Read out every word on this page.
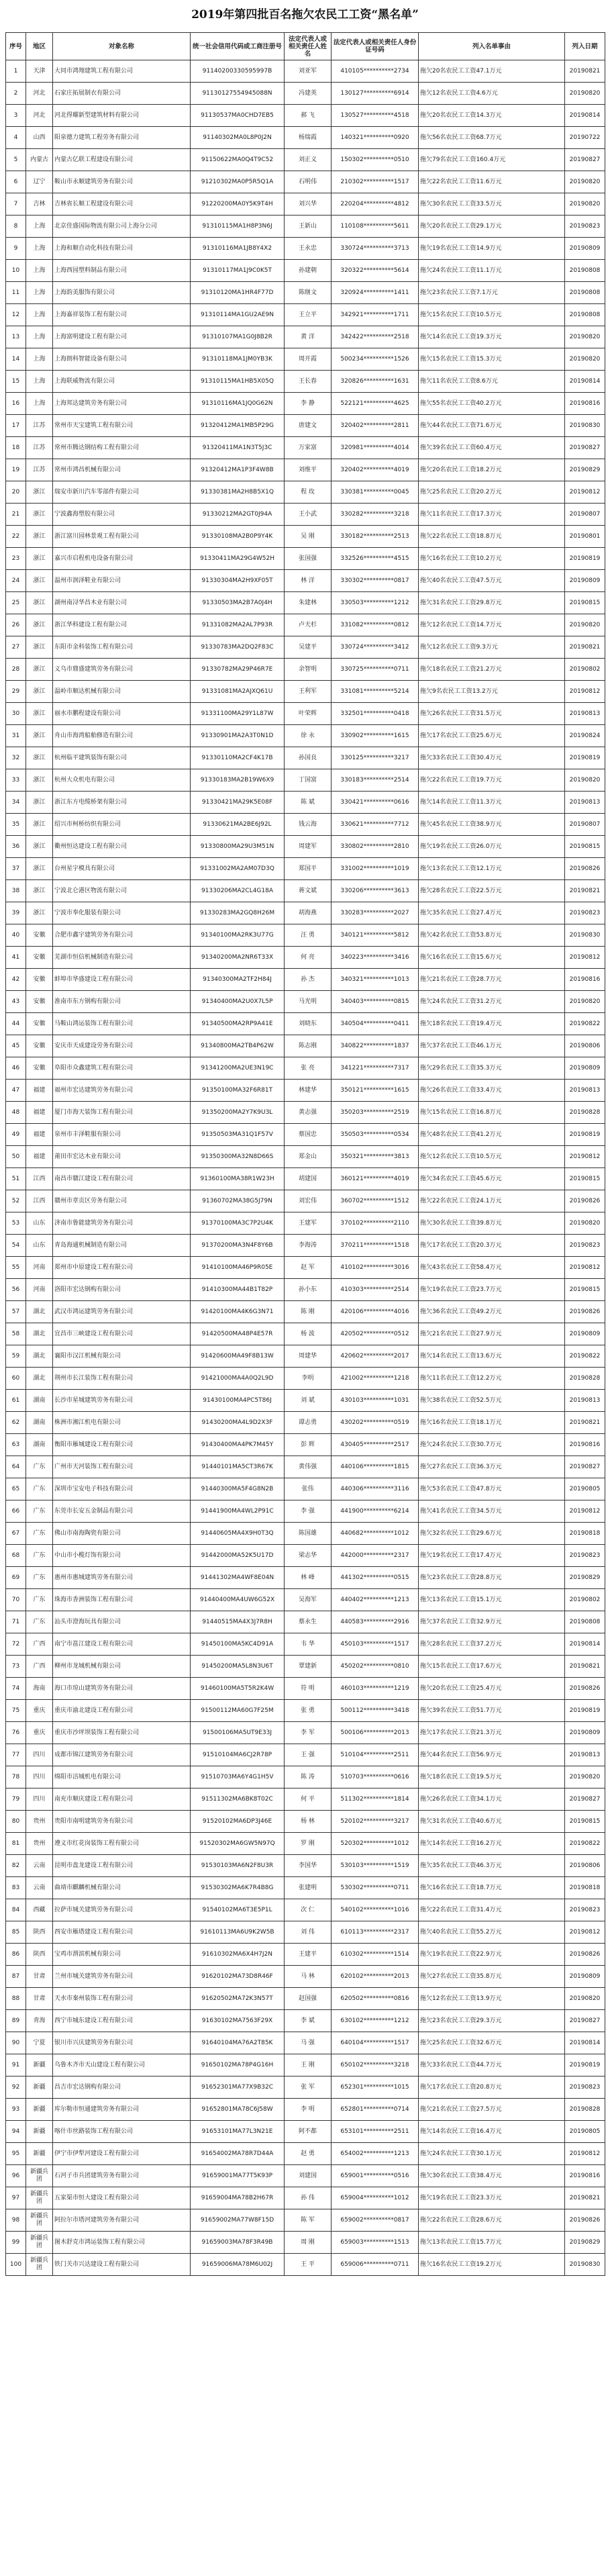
2019年第四批百名拖欠农民工工资“黑名单”
序号	地区	对象名称	统一社会信用代码或工商注册号	法定代表人或相关责任人姓名	法定代表人或相关责任人身份证号码	列入名单事由	列入日期
1	天津	大同市鸿翔建筑工程有限公司	91140200330595997B	刘亚军	410105**********2734	拖欠20名农民工工资47.1万元	20190821
2	河北	石家庄拓展制衣有限公司	91130127554945088N	冯建英	130127**********6914	拖欠12名农民工工资4.6万元	20190820
3	河北	河北得耀新型建筑材料有限公司	91130537MA0CHD7EB5	郝 飞	130527**********4518	拖欠20名农民工工资14.3万元	20190814
4	山西	阳泉德力建筑工程劳务有限公司	91140302MA0L8P0J2N	杨瑞霞	140321**********0920	拖欠56名农民工工资68.7万元	20190722
5	内蒙古	内蒙古亿联工程建设有限公司	91150622MA0Q4T9C52	刘正义	150302**********0510	拖欠79名农民工工资160.4万元	20190827
6	辽宁	鞍山市永顺建筑劳务有限公司	91210302MA0P5R5Q1A	石明伟	210302**********1517	拖欠22名农民工工资11.6万元	20190820
7	吉林	吉林省长顺工程建设有限公司	91220200MA0Y5K9T4H	刘兴华	220204**********4812	拖欠30名农民工工资33.5万元	20190820
8	上海	北京佳盛国际物流有限公司上海分公司	91310115MA1H8P3N6J	王新山	110108**********5611	拖欠20名农民工工资29.1万元	20190823
9	上海	上海和顺自动化科技有限公司	91310116MA1JB8Y4X2	王永忠	330724**********3713	拖欠19名农民工工资14.9万元	20190809
10	上海	上海西园塑料制品有限公司	91310117MA1J9C0K5T	孙建朝	320322**********5614	拖欠24名农民工工资11.1万元	20190808
11	上海	上海韵美服饰有限公司	91310120MA1HR4F77D	陈继文	320924**********1411	拖欠23名农民工工资7.1万元	20190808
12	上海	上海嘉祥装饰工程有限公司	91310114MA1GU2AE9N	王立平	342921**********1711	拖欠15名农民工工资10.5万元	20190808
13	上海	上海富明建设工程有限公司	91310107MA1G0J8B2R	黄 洋	342422**********2518	拖欠14名农民工工资19.3万元	20190820
14	上海	上海朗科智能设备有限公司	91310118MA1JM0YB3K	周开霞	500234**********1526	拖欠15名农民工工资15.3万元	20190820
15	上海	上海联威物流有限公司	91310115MA1HB5X05Q	王长春	320826**********1631	拖欠11名农民工工资8.6万元	20190814
16	上海	上海邦达建筑劳务有限公司	91310116MA1JQ0G62N	李 静	522121**********4625	拖欠55名农民工工资40.2万元	20190816
17	江苏	常州市天宝建筑工程有限公司	91320412MA1MB5P29G	唐建文	320402**********2811	拖欠44名农民工工资71.6万元	20190830
18	江苏	常州市腾达钢结构工程有限公司	91320411MA1N3T5J3C	万家富	320981**********4014	拖欠39名农民工工资60.4万元	20190827
19	江苏	常州市鸿昌机械有限公司	91320412MA1P3F4W8B	刘维平	320402**********4019	拖欠20名农民工工资18.2万元	20190829
20	浙江	瑞安市新川汽车零部件有限公司	91330381MA2H8B5X1Q	程 玫	330381**********0045	拖欠25名农民工工资20.2万元	20190812
21	浙江	宁波鑫海塑胶有限公司	91330212MA2GT0J94A	王小武	330282**********3218	拖欠11名农民工工资17.3万元	20190807
22	浙江	浙江富川园林景观工程有限公司	91330108MA2B0P9Y4K	吴 刚	330182**********2513	拖欠22名农民工工资18.8万元	20190801
23	浙江	嘉兴市启程机电设备有限公司	91330411MA29G4W52H	张国强	332526**********4515	拖欠16名农民工工资10.2万元	20190819
24	浙江	温州市润泽鞋业有限公司	91330304MA2H9XF05T	林 洋	330302**********0817	拖欠40名农民工工资47.5万元	20190809
25	浙江	湖州南浔华昌木业有限公司	91330503MA2B7A0J4H	朱建林	330503**********1212	拖欠31名农民工工资29.8万元	20190815
26	浙江	浙江华科建设工程有限公司	91331082MA2AL7P93R	卢天杉	331082**********0812	拖欠12名农民工工资14.7万元	20190820
27	浙江	东阳市金科装饰工程有限公司	91330783MA2DQ2F83C	吴建平	330724**********3412	拖欠12名农民工工资9.3万元	20190821
28	浙江	义乌市鼎盛建筑劳务有限公司	91330782MA29P46R7E	余智明	330725**********0711	拖欠18名农民工工资21.2万元	20190802
29	浙江	温岭市顺达机械有限公司	91331081MA2AJXQ61U	王利军	331081**********5214	拖欠9名农民工工资13.2万元	20190812
30	浙江	丽水市鹏程建设有限公司	91331100MA29Y1L87W	叶荣辉	332501**********0418	拖欠26名农民工工资31.5万元	20190813
31	浙江	舟山市海湾船舶修造有限公司	91330901MA2A3T0N1D	徐 永	330902**********1615	拖欠17名农民工工资25.6万元	20190824
32	浙江	杭州临平建筑装饰有限公司	91330110MA2CF4K17B	孙国良	330125**********3217	拖欠33名农民工工资30.4万元	20190819
33	浙江	杭州大众机电有限公司	91330183MA2B19W6X9	丁国富	330183**********2514	拖欠22名农民工工资19.7万元	20190820
34	浙江	浙江东方电缆桥架有限公司	91330421MA29K5E08F	陈 斌	330421**********0616	拖欠14名农民工工资11.3万元	20190813
35	浙江	绍兴市柯桥纺织有限公司	91330621MA2BE6J92L	钱云海	330621**********7712	拖欠45名农民工工资38.9万元	20190807
36	浙江	衢州恒达建设工程有限公司	91330800MA29U3M51N	周建军	330802**********2810	拖欠19名农民工工资26.0万元	20190815
37	浙江	台州星宇模具有限公司	91331002MA2AM07D3Q	郑国平	331002**********1019	拖欠13名农民工工资12.1万元	20190826
38	浙江	宁波北仑港区物流有限公司	91330206MA2CL4G18A	蒋文斌	330206**********3613	拖欠28名农民工工资22.5万元	20190821
39	浙江	宁波市奉化服装有限公司	91330283MA2GQ8H26M	胡海燕	330283**********2027	拖欠35名农民工工资27.4万元	20190823
40	安徽	合肥市鑫宇建筑劳务有限公司	91340100MA2RK3U77G	汪 勇	340121**********5812	拖欠42名农民工工资53.8万元	20190830
41	安徽	芜湖市恒信机械制造有限公司	91340200MA2NR6T33X	何 亮	340223**********3416	拖欠16名农民工工资15.6万元	20190812
42	安徽	蚌埠市华盛建设工程有限公司	91340300MA2TF2H84J	孙 杰	340321**********1013	拖欠21名农民工工资28.7万元	20190816
43	安徽	淮南市东方钢构有限公司	91340400MA2U0X7L5P	马光明	340403**********0815	拖欠24名农民工工资31.2万元	20190820
44	安徽	马鞍山鸿运装饰工程有限公司	91340500MA2RP9A41E	刘晓东	340504**********0411	拖欠18名农民工工资19.4万元	20190822
45	安徽	安庆市天成建设劳务有限公司	91340800MA2TB4P62W	陈志刚	340822**********1837	拖欠37名农民工工资46.1万元	20190806
46	安徽	阜阳市众鑫建筑工程有限公司	91341200MA2UE3N19C	张 亮	341221**********7317	拖欠29名农民工工资35.3万元	20190809
47	福建	福州市宏达建筑劳务有限公司	91350100MA32F6R81T	林建华	350121**********1615	拖欠26名农民工工资33.4万元	20190813
48	福建	厦门市海天装饰工程有限公司	91350200MA2Y7K9U3L	黄志强	350203**********2519	拖欠15名农民工工资16.8万元	20190828
49	福建	泉州市丰泽鞋服有限公司	91350503MA31Q1F57V	蔡国忠	350503**********0534	拖欠48名农民工工资41.2万元	20190819
50	福建	莆田市宏达木业有限公司	91350300MA32N8D66S	郑金山	350321**********3813	拖欠12名农民工工资10.5万元	20190812
51	江西	南昌市赣江建设工程有限公司	91360100MA38R1W23H	胡建国	360121**********4019	拖欠34名农民工工资45.6万元	20190815
52	江西	赣州市章贡区劳务有限公司	91360702MA38G5J79N	刘宏伟	360702**********1512	拖欠22名农民工工资24.1万元	20190826
53	山东	济南市鲁能建筑劳务有限公司	91370100MA3C7P2U4K	王建军	370102**********2110	拖欠30名农民工工资39.8万元	20190820
54	山东	青岛海通机械制造有限公司	91370200MA3N4F8Y6B	李海涛	370211**********1518	拖欠17名农民工工资20.3万元	20190823
55	河南	郑州市中原建设工程有限公司	91410100MA46P9R05E	赵 军	410102**********3016	拖欠43名农民工工资58.4万元	20190812
56	河南	洛阳市宏达钢构有限公司	91410300MA44B1T82P	孙小东	410303**********2514	拖欠19名农民工工资23.7万元	20190815
57	湖北	武汉市鸿运建筑劳务有限公司	91420100MA4K6G3N71	陈 刚	420106**********4016	拖欠36名农民工工资49.2万元	20190826
58	湖北	宜昌市三峡建设工程有限公司	91420500MA48P4E57R	杨 波	420502**********0512	拖欠21名农民工工资27.9万元	20190809
59	湖北	襄阳市汉江机械有限公司	91420600MA49F8B13W	周建华	420602**********2017	拖欠14名农民工工资13.6万元	20190822
60	湖北	荆州市长江装饰工程有限公司	91421000MA4A0Q2L9D	李明	421002**********1218	拖欠11名农民工工资12.2万元	20190828
61	湖南	长沙市星城建筑劳务有限公司	91430100MA4PC5T86J	刘 斌	430103**********1031	拖欠38名农民工工资52.5万元	20190813
62	湖南	株洲市湘江机电有限公司	91430200MA4L9D2X3F	谭志勇	430202**********0519	拖欠16名农民工工资18.1万元	20190821
63	湖南	衡阳市雁城建设工程有限公司	91430400MA4PK7M45Y	彭 辉	430405**********2517	拖欠24名农民工工资30.7万元	20190816
64	广东	广州市天河装饰工程有限公司	91440101MA5CT3R67K	黄伟强	440106**********1815	拖欠27名农民工工资36.3万元	20190827
65	广东	深圳市宝安电子科技有限公司	91440300MA5F4G8N2B	张伟	440306**********3116	拖欠53名农民工工资47.8万元	20190805
66	广东	东莞市长安五金制品有限公司	91441900MA4WL2P91C	李 强	441900**********6214	拖欠41名农民工工资34.5万元	20190812
67	广东	佛山市南海陶瓷有限公司	91440605MA4X9H0T3Q	陈国雄	440682**********1012	拖欠32名农民工工资29.6万元	20190818
68	广东	中山市小榄灯饰有限公司	91442000MA52K5U17D	梁志华	442000**********2317	拖欠19名农民工工资17.4万元	20190823
69	广东	惠州市惠城建筑劳务有限公司	91441302MA4WF8E04N	林 峰	441302**********0515	拖欠23名农民工工资28.8万元	20190829
70	广东	珠海市香洲装饰工程有限公司	91440400MA4UW6G52X	吴海军	440402**********1213	拖欠13名农民工工资15.1万元	20190802
71	广东	汕头市澄海玩具有限公司	91440515MA4X3J7R8H	蔡永生	440583**********2916	拖欠37名农民工工资32.9万元	20190808
72	广西	南宁市邕江建设工程有限公司	91450100MA5KC4D91A	韦 华	450103**********1517	拖欠28名农民工工资37.2万元	20190814
73	广西	柳州市龙城机械有限公司	91450200MA5L8N3U6T	覃建新	450202**********0810	拖欠15名农民工工资17.6万元	20190821
74	海南	海口市琼山建筑劳务有限公司	91460100MA5T5R2K4W	符 明	460103**********1219	拖欠20名农民工工资25.4万元	20190826
75	重庆	重庆市渝北建设工程有限公司	91500112MA60G7F25M	张 勇	500112**********3418	拖欠39名农民工工资51.7万元	20190819
76	重庆	重庆市沙坪坝装饰工程有限公司	91500106MA5UT9E33J	李 军	500106**********2013	拖欠17名农民工工资21.3万元	20190809
77	四川	成都市锦江建筑劳务有限公司	91510104MA6CJ2R78P	王 强	510104**********2511	拖欠44名农民工工资56.9万元	20190813
78	四川	绵阳市涪城机电有限公司	91510703MA6Y4G1H5V	陈 涛	510703**********0616	拖欠18名农民工工资19.5万元	20190820
79	四川	南充市顺庆建设工程有限公司	91511302MA6BK8T02C	何 平	511302**********1814	拖欠26名农民工工资34.1万元	20190827
80	贵州	贵阳市南明建筑劳务有限公司	91520102MA6DP3J46E	杨 林	520102**********3217	拖欠31名农民工工资40.6万元	20190815
81	贵州	遵义市红花岗装饰工程有限公司	91520302MA6GW5N97Q	罗 刚	520302**********1012	拖欠14名农民工工资16.2万元	20190822
82	云南	昆明市盘龙建设工程有限公司	91530103MA6N2F8U3R	李国华	530103**********1519	拖欠35名农民工工资46.3万元	20190806
83	云南	曲靖市麒麟机械有限公司	91530302MA6K7R4B8G	张建明	530302**********0711	拖欠16名农民工工资18.7万元	20190818
84	西藏	拉萨市城关建筑劳务有限公司	91540102MA6T3E5P1L	次 仁	540102**********1016	拖欠22名农民工工资31.4万元	20190823
85	陕西	西安市雁塔建设工程有限公司	91610113MA6U9K2W5B	刘 伟	610113**********2317	拖欠40名农民工工资55.2万元	20190812
86	陕西	宝鸡市渭滨机械有限公司	91610302MA6X4H7J2N	王建平	610302**********1514	拖欠19名农民工工资22.9万元	20190826
87	甘肃	兰州市城关建筑劳务有限公司	91620102MA73D8R46F	马 林	620102**********2013	拖欠27名农民工工资35.8万元	20190809
88	甘肃	天水市秦州装饰工程有限公司	91620502MA72K3N57T	赵国强	620502**********0816	拖欠12名农民工工资13.9万元	20190820
89	青海	西宁市城东建设工程有限公司	91630102MA7563F29X	李 斌	630102**********1212	拖欠23名农民工工资29.3万元	20190827
90	宁夏	银川市兴庆建筑劳务有限公司	91640104MA76A2T85K	马 强	640104**********1517	拖欠25名农民工工资32.6万元	20190814
91	新疆	乌鲁木齐市天山建设工程有限公司	91650102MA78P4G16H	王 刚	650102**********3218	拖欠33名农民工工资44.7万元	20190819
92	新疆	昌吉市宏达钢构有限公司	91652301MA77X9B32C	张 军	652301**********1015	拖欠17名农民工工资20.8万元	20190823
93	新疆	库尔勒市恒通建筑劳务有限公司	91652801MA78C6J58W	李 明	652801**********0714	拖欠21名农民工工资27.5万元	20190828
94	新疆	喀什市丝路装饰工程有限公司	91653101MA77L3N21E	阿不都	653101**********2511	拖欠14名农民工工资16.4万元	20190805
95	新疆	伊宁市伊犁河建设工程有限公司	91654002MA78R7D44A	赵 勇	654002**********1213	拖欠24名农民工工资30.1万元	20190812
96	新疆兵团	石河子市兵团建筑劳务有限公司	91659001MA77T5K93P	刘建国	659001**********0516	拖欠30名农民工工资38.4万元	20190816
97	新疆兵团	五家渠市恒大建设工程有限公司	91659004MA78B2H67R	孙 伟	659004**********1012	拖欠19名农民工工资23.3万元	20190821
98	新疆兵团	阿拉尔市塔河建筑劳务有限公司	91659002MA77W8F15D	陈 军	659002**********0817	拖欠22名农民工工资28.6万元	20190826
99	新疆兵团	图木舒克市鸿运装饰工程有限公司	91659003MA78F3R49B	周 刚	659003**********1513	拖欠13名农民工工资15.7万元	20190829
100	新疆兵团	铁门关市兴达建设工程有限公司	91659006MA78M6U02J	王 平	659006**********0711	拖欠16名农民工工资19.2万元	20190830
